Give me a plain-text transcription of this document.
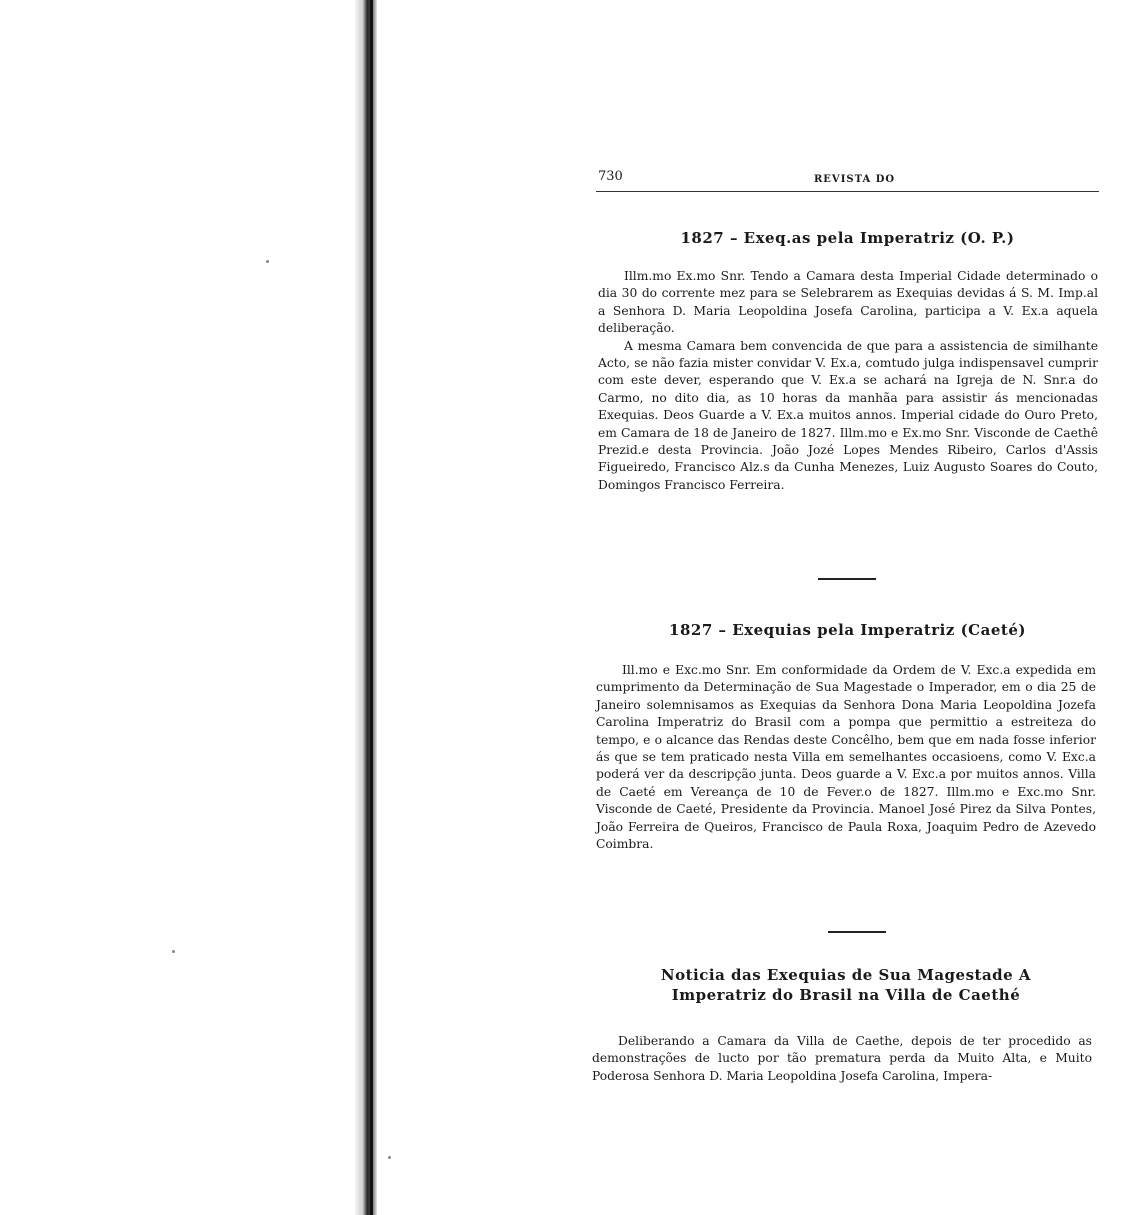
730	REVISTA DO
1827 – Exeq.as pela Imperatriz (O. P.)

Illm.mo Ex.mo Snr. Tendo a Camara desta Imperial Cidade determinado o dia 30 do corrente mez para se Selebrarem as Exequias devidas á S. M. Imp.al a Senhora D. Maria Leopoldina Josefa Carolina, participa a V. Ex.a aquela deliberação.

A mesma Camara bem convencida de que para a assistencia de similhante Acto, se não fazia mister convidar V. Ex.a, comtudo julga indispensavel cumprir com este dever, esperando que V. Ex.a se achará na Igreja de N. Snr.a do Carmo, no dito dia, as 10 horas da manhãa para assistir ás mencionadas Exequias. Deos Guarde a V. Ex.a muitos annos. Imperial cidade do Ouro Preto, em Camara de 18 de Janeiro de 1827. Illm.mo e Ex.mo Snr. Visconde de Caethê Prezid.e desta Provincia. João Jozé Lopes Mendes Ribeiro, Carlos d'Assis Figueiredo, Francisco Alz.s da Cunha Menezes, Luiz Augusto Soares do Couto, Domingos Francisco Ferreira.

1827 – Exequias pela Imperatriz (Caeté)

Ill.mo e Exc.mo Snr. Em conformidade da Ordem de V. Exc.a expedida em cumprimento da Determinação de Sua Magestade o Imperador, em o dia 25 de Janeiro solemnisamos as Exequias da Senhora Dona Maria Leopoldina Jozefa Carolina Imperatriz do Brasil com a pompa que permittio a estreiteza do tempo, e o alcance das Rendas deste Concêlho, bem que em nada fosse inferior ás que se tem praticado nesta Villa em semelhantes occasioens, como V. Exc.a poderá ver da descripção junta. Deos guarde a V. Exc.a por muitos annos. Villa de Caeté em Vereança de 10 de Fever.o de 1827. Illm.mo e Exc.mo Snr. Visconde de Caeté, Presidente da Provincia. Manoel José Pirez da Silva Pontes, João Ferreira de Queiros, Francisco de Paula Roxa, Joaquim Pedro de Azevedo Coimbra.

Noticia das Exequias de Sua Magestade A Imperatriz do Brasil na Villa de Caethé

Deliberando a Camara da Villa de Caethe, depois de ter procedido as demonstrações de lucto por tão prematura perda da Muito Alta, e Muito Poderosa Senhora D. Maria Leopoldina Josefa Carolina, Impera-
